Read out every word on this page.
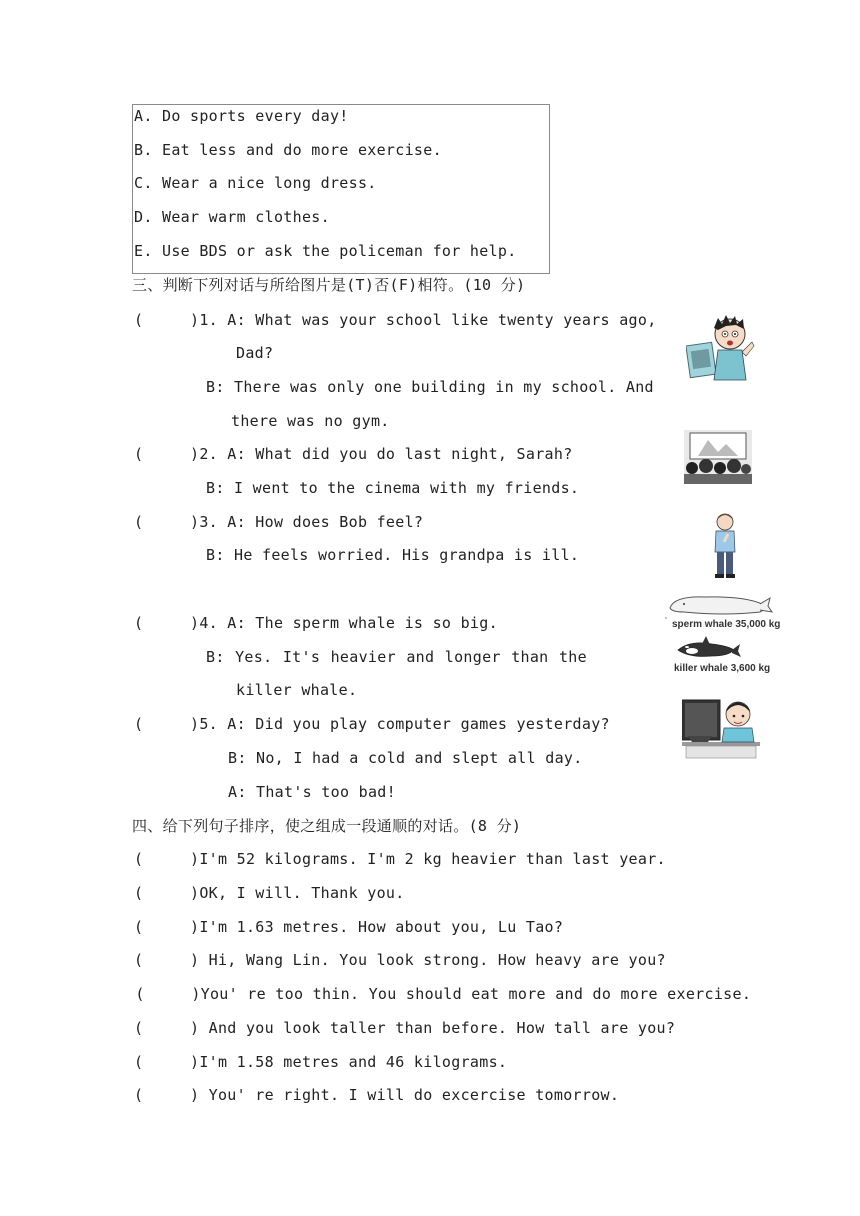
A. Do sports every day!
B. Eat less and do more exercise.
C. Wear a nice long dress.
D. Wear warm clothes.
E. Use BDS or ask the policeman for help.
三、判断下列对话与所给图片是(T)否(F)相符。(10 分)
(     )1. A: What was your school like twenty years ago,
Dad?
B: There was only one building in my school. And
there was no gym.
(     )2. A: What did you do last night, Sarah?
B: I went to the cinema with my friends.
(     )3. A: How does Bob feel?
B: He feels worried. His grandpa is ill.
(     )4. A: The sperm whale is so big.
B: Yes. It's heavier and longer than the
killer whale.
(     )5. A: Did you play computer games yesterday?
B: No, I had a cold and slept all day.
A: That's too bad!
四、给下列句子排序，使之组成一段通顺的对话。(8 分)
(     )I'm 52 kilograms. I'm 2 kg heavier than last year.
(     )OK, I will. Thank you.
(     )I'm 1.63 metres. How about you, Lu Tao?
(     ) Hi, Wang Lin. You look strong. How heavy are you?
(     )You' re too thin. You should eat more and do more exercise.
(     ) And you look taller than before. How tall are you?
(     )I'm 1.58 metres and 46 kilograms.
(     ) You' re right. I will do excercise tomorrow.
sperm whale 35,000 kg
killer whale 3,600 kg
